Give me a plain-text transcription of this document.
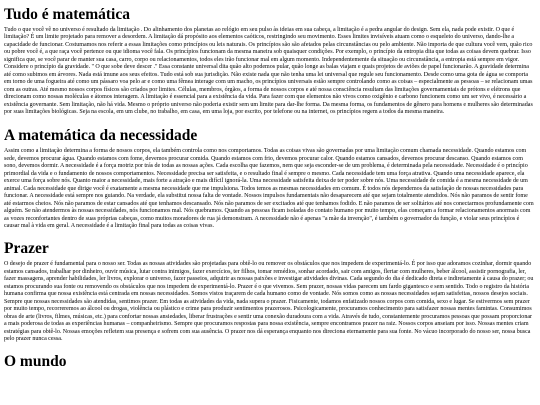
Tudo é matemática

Tudo o que você vê no universo é resultado da limitação . Do alinhamento dos planetas ao relógio em seu pulso às ideias em sua cabeça, a limitação é a pedra angular do design. Sem ela, nada pode existir. O que é limitação? É um limite projetado para remover a desordem. A limitação dá propósito aos elementos caóticos, restringindo seu movimento. Esses limites invisíveis atuam como o esqueleto do universo, dando-lhe a capacidade de funcionar. Costumamos nos referir a essas limitações como princípios ou leis naturais. Os princípios são são afetados pelas circunstâncias ou pelo ambiente. Não importa de que cultura você vem, quão rico ou pobre você é, a que raça você pertence ou que idioma você fala. Os princípios funcionam da mesma maneira sob quaisquer condições. Por exemplo, o princípio da entropia dita que todas as coisas devem quebrar. Isso significa que, se você parar de manter sua casa, carro, corpo ou relacionamentos, todos eles irão funcionar mal em algum momento. Independentemente da situação ou circunstância, a entropia está sempre em vigor. Considere o princípio da gravidade. " O que sobe deve descer ." Essa constante universal dita quão alto podemos pular, quão longe as balas viajam e quais projetos de aviões de papel funcionarão. A gravidade determina até como subimos em árvores. Nada está imune aos seus efeitos. Tudo está sob sua jurisdição. Não existe nada que não tenha uma lei universal que regule seu funcionamento. Desde como uma gota de água se comporta em torno de uma fogueira até como um pássaro voa pelo ar e como uma fêmea interage com um macho, os princípios universais estão sempre controlando como as coisas – especialmente as pessoas – se relacionam umas com as outras. Até mesmo nossos corpos físicos são criados por limites. Células, membros, órgãos, a forma de nossos corpos e até nossa consciência resultam das limitações governamentais de prótons e elétrons que direcionam como nossas moléculas e átomos interagem. A limitação é essencial para a existência da vida. Para fazer com que elementos não vivos como oxigênio e carbono funcionem como um ser vivo, é necessário a existência governante. Sem limitação, não há vida. Mesmo o próprio universo não poderia existir sem um limite para dar-lhe forma. Da mesma forma, os fundamentos de gênero para homens e mulheres são determinadas por suas limitações biológicas. Seja na escola, em um clube, no trabalho, em casa, em uma loja, por escrito, por telefone ou na internet, os princípios regem a todos da mesma maneira.

A matemática da necessidade

Assim como a limitação determina a forma de nossos corpos, ela também controla como nos comportamos. Todas as coisas vivas são governadas por uma limitação comum chamada necessidade. Quando estamos com sede, devemos procurar água. Quando estamos com fome, devemos procurar comida. Quando estamos com frio, devemos procurar calor. Quando estamos cansados, devemos procurar descanso. Quando estamos com sono, devemos dormir. A necessidade é a força motriz por trás de todas as nossas ações. Cada escolha que fazemos, nem que seja esconder-se de um problema, é determinada pela necessidade. Necessidade é o princípio primordial da vida e o fundamento de nossos comportamentos. Necessidade precisa ser satisfeita, e o resultado final é sempre o mesmo. Cada necessidade tem uma força atrativa. Quando uma necessidade aparece, ela exerce uma força sobre nós. Quanto maior a necessidade, mais forte a atração e mais difícil ignorá-la. Uma necessidade satisfeita deixa de ter poder sobre nós. Uma necessidade de comida é a mesma necessidade de um animal. Cada necessidade que dirige você é exatamente a mesma necessidade que me impulsiona. Todos temos as mesmas necessidades em comum. É todos nós dependemos da satisfação de nossas necessidades para funcionar. A necessidade está sempre nos guiando. Na verdade, ela substitui nossa falta de vontade. Nossos impulsos fundamentais não desaparecem até que sejam totalmente atendidos. Nós não paramos de sentir fome até estarmos cheios. Nós não paramos de estar cansados até que tenhamos descansado. Nós não paramos de ser excitados até que tenhamos fodido. E não paramos de ser solitários até nos conectarmos profundamente com alguém. Se não atendermos às nossas necessidades, nós funcionamos mal. Nós quebramos. Quando as pessoas ficam isoladas do contato humano por muito tempo, elas começam a formar relacionamentos anormais com as vozes reconfortantes dentro de suas próprias cabeças, como muitos moradores de rua já demonstram. A necessidade não é apenas "a mãe da invenção", é também o governador da função, e violar seus princípios é causar mal à vida em geral. A necessidade é a limitação final para todas as coisas vivas.

Prazer

O desejo de prazer é fundamental para o nosso ser. Todas as nossas atividades são projetadas para obtê-lo ou remover os obstáculos que nos impedem de experimentá-lo. É por isso que adoramos cozinhar, dormir quando estamos cansados, trabalhar por dinheiro, ouvir música, lutar contra inimigos, fazer exercícios, ter filhos, tomar remédios, sonhar acordado, sair com amigos, flertar com mulheres, beber álcool, assistir pornografia, ler, fazer massagens, aprender habilidades, ler livros, explorar o universo, fazer passeios, adquirir as nossas paixões e investigar atividades divinas. Cada segundo do dia é dedicado direta e indiretamente à causa do prazer; ou estamos procurando sua fonte ou removendo os obstáculos que nos impedem de experimentá-lo. Prazer é o que vivemos. Sem prazer, nossas vidas parecem um fardo gigantesco e sem sentido. Todo o registro da história humana confirma que nossa existência está centrada em nossas necessidades. Somos vistos traçarem de cada humano como de vontade. Nós somos como as nossas necessidades sejam satisfeitas, nossos desejos sociais. Sempre que nossas necessidades são atendidas, sentimos prazer. Em todas as atividades da vida, nada supera o prazer. Fisicamente, todamos enfatizado nossos corpos com comida, sexo e lugar. Se estivermos sem prazer por muito tempo, recorreremos ao álcool ou drogas, violência ou plástico e crime para produzir sentimentos prazerosos. Psicologicamente, procuramos conhecimento para satisfazer nossas mentes famintas. Consumimos obras de arte (livros, filmes, músicas, etc.) para confortar nossas ansiedades, liberar frustrações e sentir uma conexão duradoura com a vida. Através de tudo, constantemente procuramos pessoas que possam proporcionar a mais poderosa de todas as experiências humanas – companheirismo. Sempre que procuramos respostas para nossa existência, sempre encontramos prazer na raiz. Nossos corpos anseiam por isso. Nossas mentes criam estratégias para obtê-lo. Nossas emoções refletem sua presença e sofrem com sua ausência. O prazer nos dá esperança enquanto nos direciona eternamente para sua fonte. No vácuo incorporado do nosso ser, nossa busca pelo prazer nunca cessa.

O mundo
